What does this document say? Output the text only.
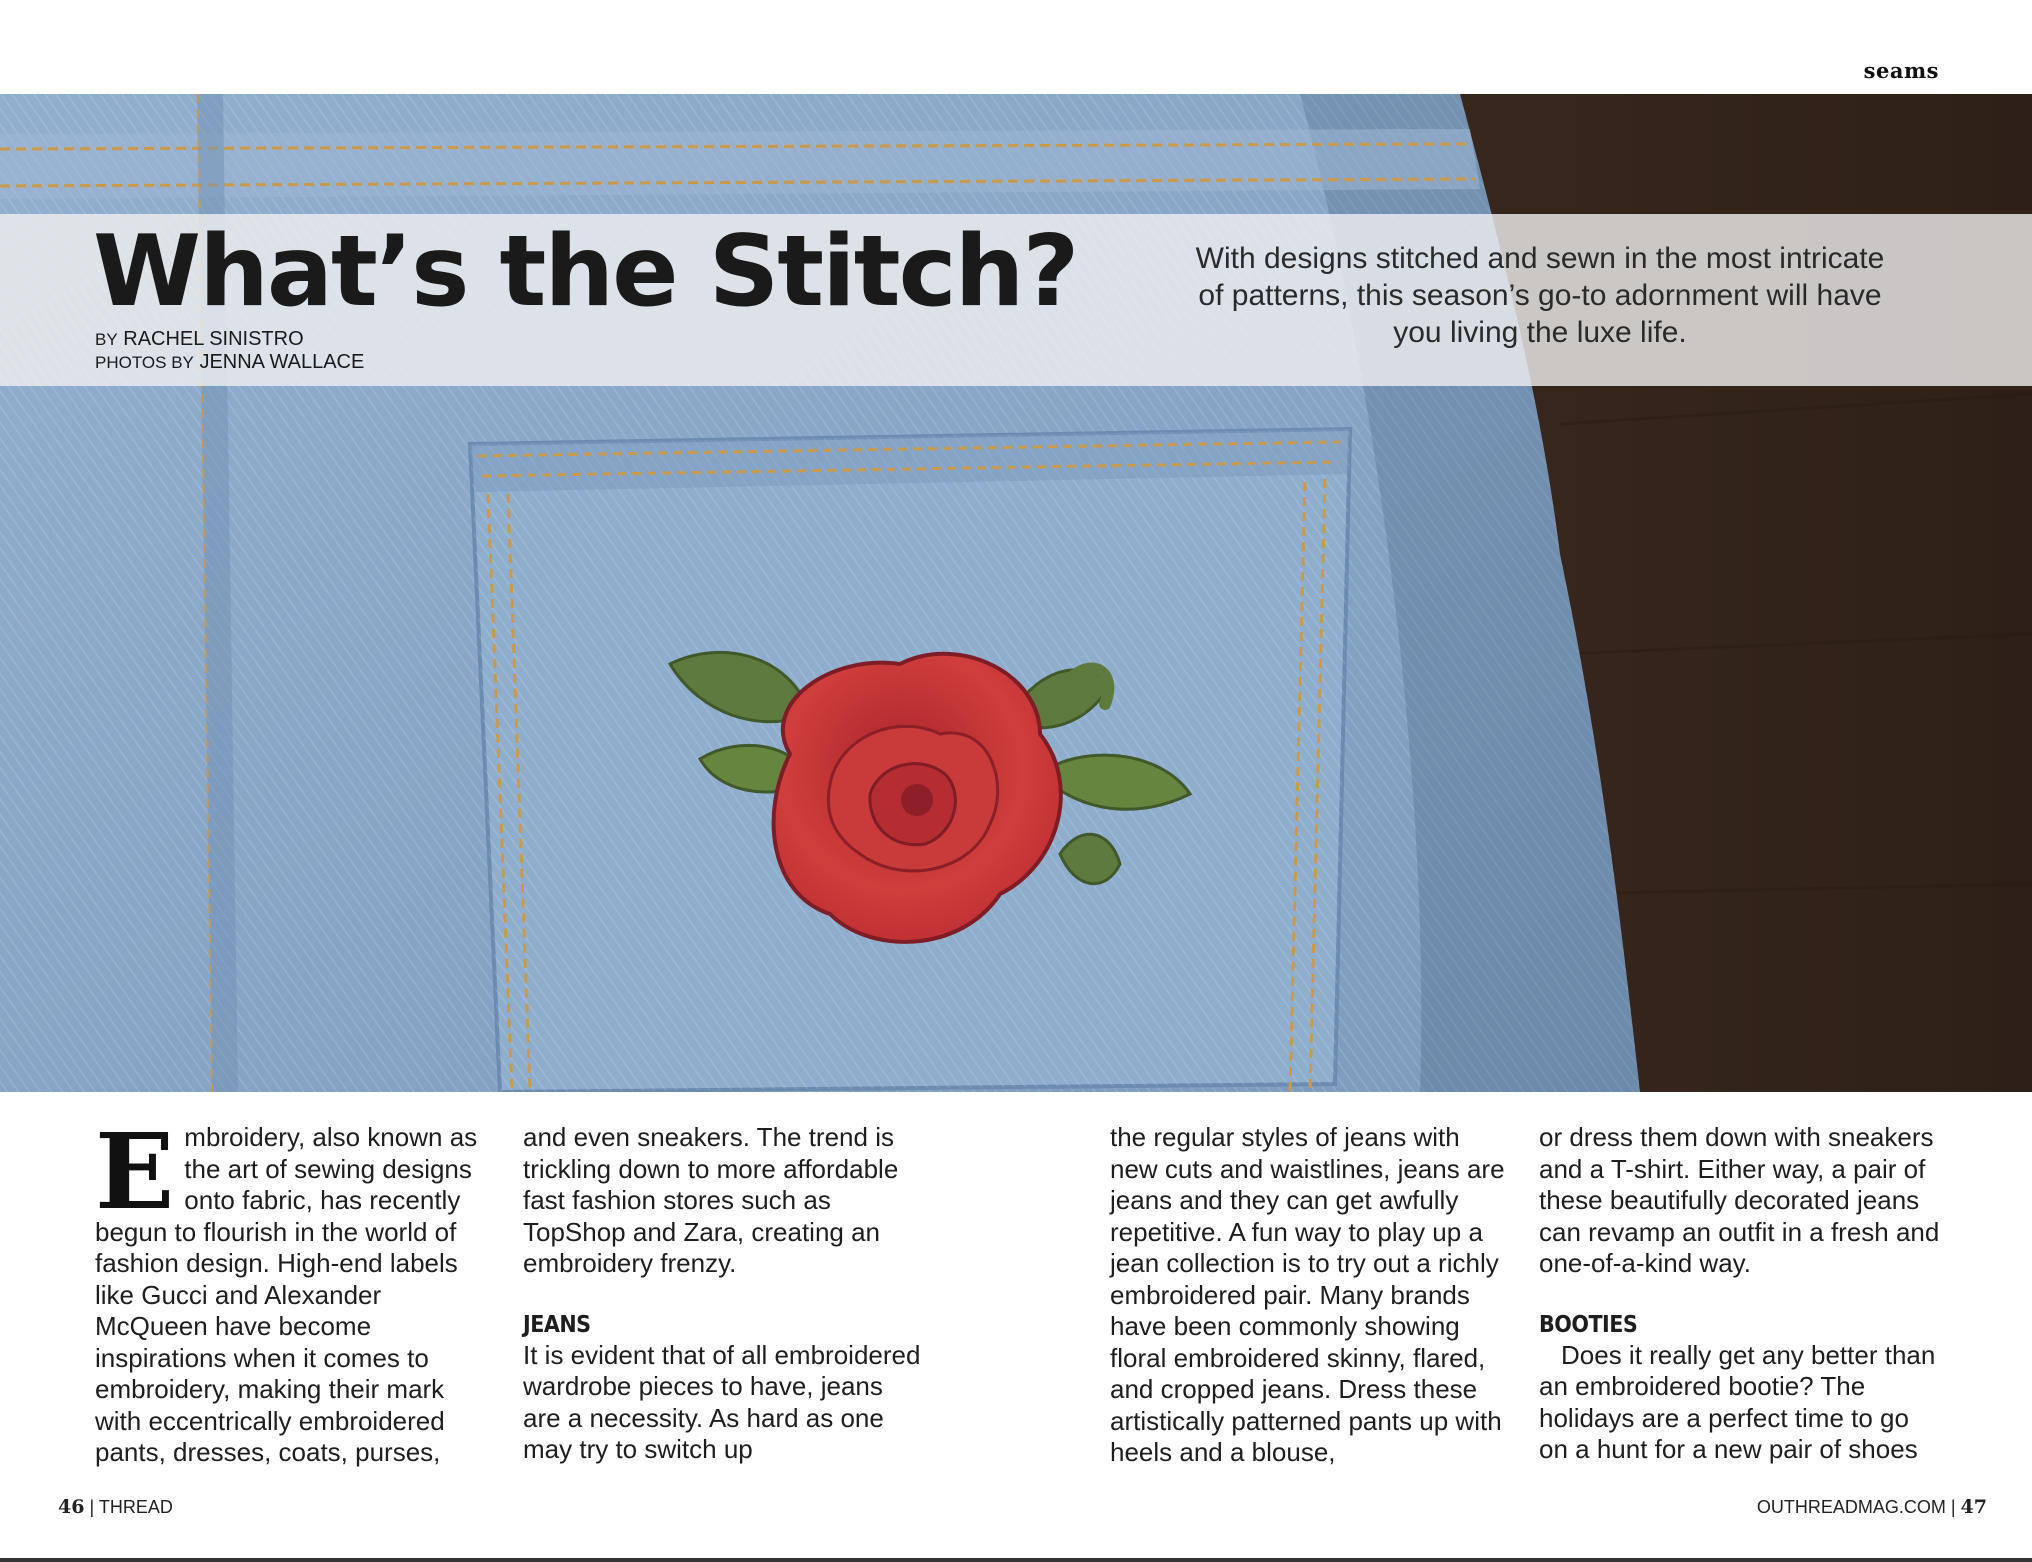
seams
What’s the Stitch?
BY RACHEL SINISTRO
PHOTOS BY JENNA WALLACE
With designs stitched and sewn in the most intricate of patterns, this season’s go-to adornment will have you living the luxe life.

Embroidery, also known as the art of sewing designs onto fabric, has recently begun to flourish in the world of fashion design. High-end labels like Gucci and Alexander McQueen have become inspirations when it comes to embroidery, making their mark with eccentrically embroidered pants, dresses, coats, purses,

and even sneakers. The trend is trickling down to more affordable fast fashion stores such as TopShop and Zara, creating an embroidery frenzy.

JEANS

It is evident that of all embroidered wardrobe pieces to have, jeans are a necessity. As hard as one may try to switch up

the regular styles of jeans with new cuts and waistlines, jeans are jeans and they can get awfully repetitive. A fun way to play up a jean collection is to try out a richly embroidered pair. Many brands have been commonly showing floral embroidered skinny, flared, and cropped jeans. Dress these artistically patterned pants up with heels and a blouse,

or dress them down with sneakers and a T-shirt. Either way, a pair of these beautifully decorated jeans can revamp an outfit in a fresh and one-of-a-kind way.

BOOTIES

Does it really get any better than an embroidered bootie? The holidays are a perfect time to go on a hunt for a new pair of shoes

46 | THREAD	OUTHREADMAG.COM | 47
